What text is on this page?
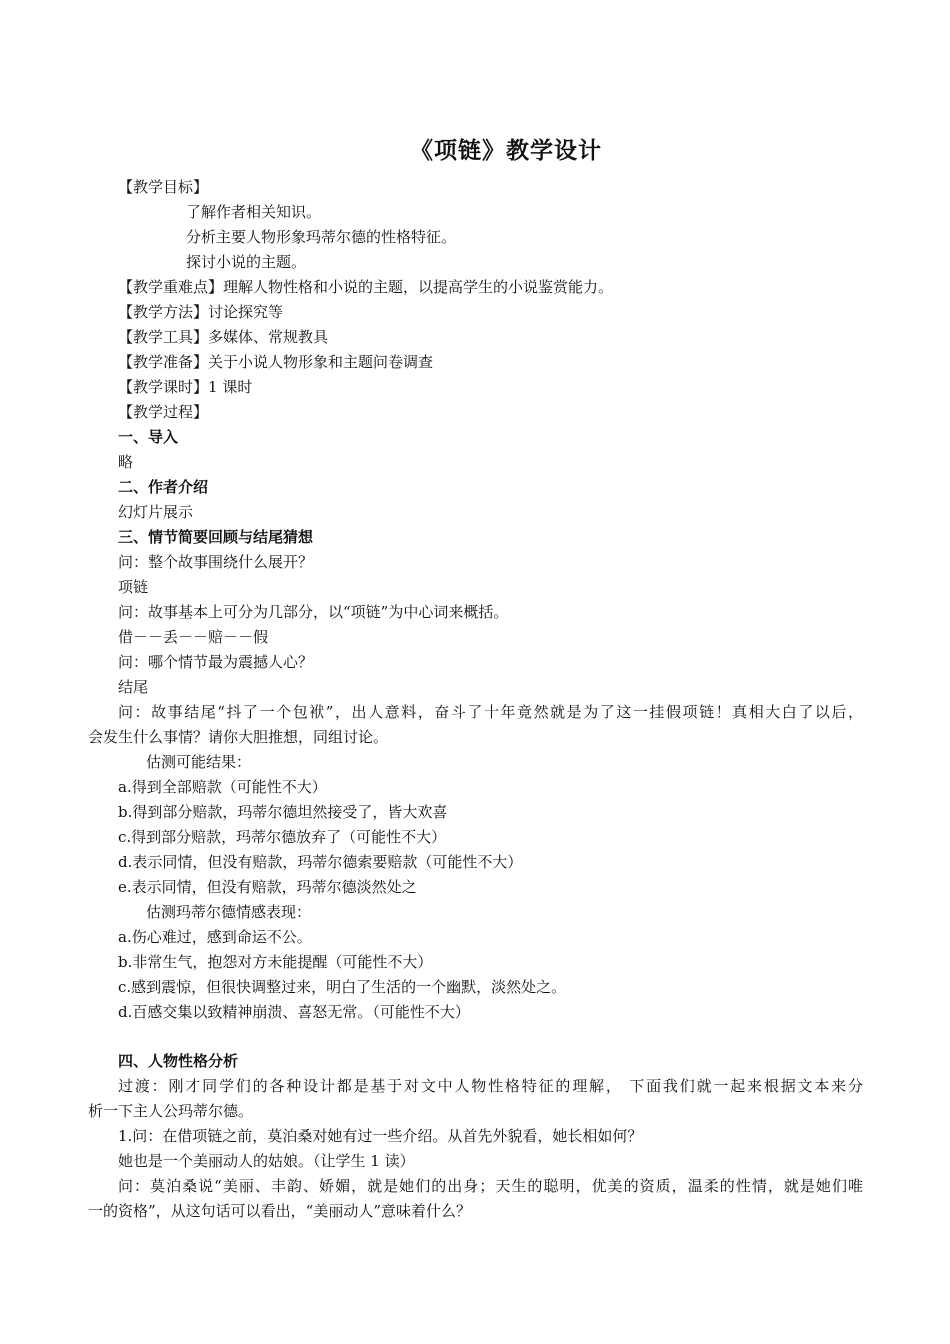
《项链》教学设计
【教学目标】
了解作者相关知识。
分析主要人物形象玛蒂尔德的性格特征。
探讨小说的主题。
【教学重难点】理解人物性格和小说的主题，以提高学生的小说鉴赏能力。
【教学方法】讨论探究等
【教学工具】多媒体、常规教具
【教学准备】关于小说人物形象和主题问卷调查
【教学课时】1 课时
【教学过程】
一、导入
略
二、作者介绍
幻灯片展示
三、情节简要回顾与结尾猜想
问：整个故事围绕什么展开？
项链
问：故事基本上可分为几部分，以“项链”为中心词来概括。
借－－丢－－赔－－假
问：哪个情节最为震撼人心？
结尾
问：故事结尾“抖了一个包袱”，出人意料，奋斗了十年竟然就是为了这一挂假项链！真相大白了以后，
会发生什么事情？请你大胆推想，同组讨论。
估测可能结果：
a.得到全部赔款（可能性不大）
b.得到部分赔款，玛蒂尔德坦然接受了，皆大欢喜
c.得到部分赔款，玛蒂尔德放弃了（可能性不大）
d.表示同情，但没有赔款，玛蒂尔德索要赔款（可能性不大）
e.表示同情，但没有赔款，玛蒂尔德淡然处之
估测玛蒂尔德情感表现：
a.伤心难过，感到命运不公。
b.非常生气，抱怨对方未能提醒（可能性不大）
c.感到震惊，但很快调整过来，明白了生活的一个幽默，淡然处之。
d.百感交集以致精神崩溃、喜怒无常。（可能性不大）
四、人物性格分析
过渡：刚才同学们的各种设计都是基于对文中人物性格特征的理解， 下面我们就一起来根据文本来分
析一下主人公玛蒂尔德。
1.问：在借项链之前，莫泊桑对她有过一些介绍。从首先外貌看，她长相如何？
她也是一个美丽动人的姑娘。（让学生 1 读）
问：莫泊桑说“美丽、丰韵、娇媚，就是她们的出身；天生的聪明，优美的资质，温柔的性情，就是她们唯
一的资格”，从这句话可以看出，“美丽动人”意味着什么？
